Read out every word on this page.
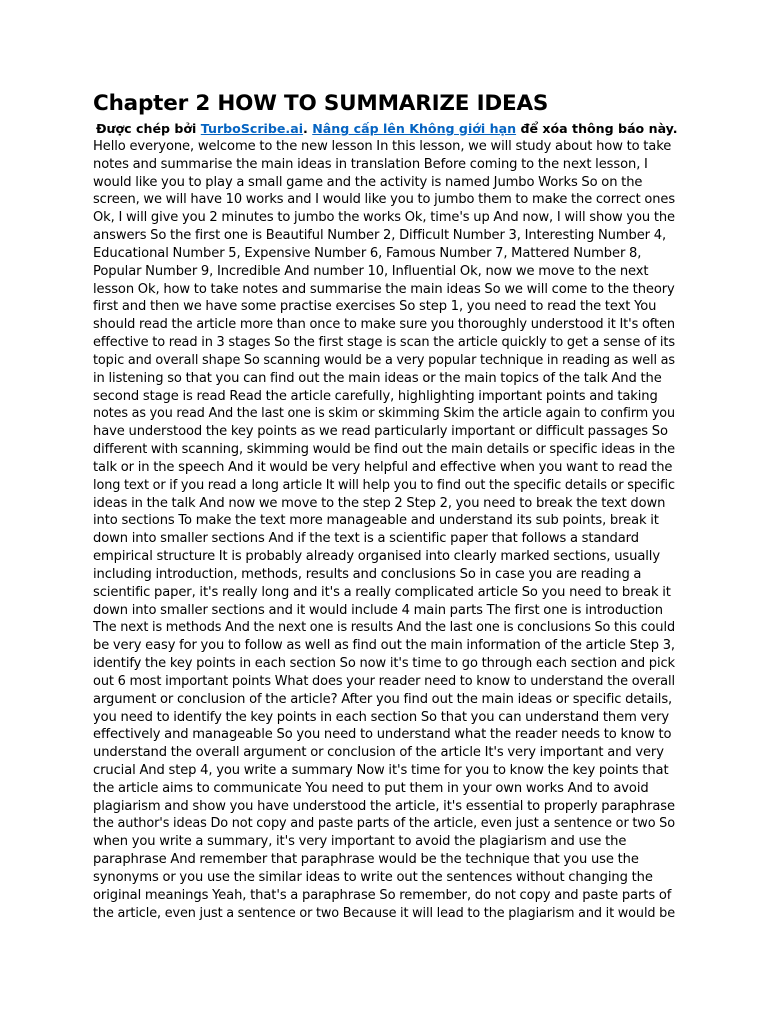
Chapter 2 HOW TO SUMMARIZE IDEAS

Được chép bởi TurboScribe.ai. Nâng cấp lên Không giới hạn để xóa thông báo này.

Hello everyone, welcome to the new lesson In this lesson, we will study about how to take
notes and summarise the main ideas in translation Before coming to the next lesson, I
would like you to play a small game and the activity is named Jumbo Works So on the
screen, we will have 10 works and I would like you to jumbo them to make the correct ones
Ok, I will give you 2 minutes to jumbo the works Ok, time's up And now, I will show you the
answers So the first one is Beautiful Number 2, Difficult Number 3, Interesting Number 4,
Educational Number 5, Expensive Number 6, Famous Number 7, Mattered Number 8,
Popular Number 9, Incredible And number 10, Influential Ok, now we move to the next
lesson Ok, how to take notes and summarise the main ideas So we will come to the theory
first and then we have some practise exercises So step 1, you need to read the text You
should read the article more than once to make sure you thoroughly understood it It's often
effective to read in 3 stages So the first stage is scan the article quickly to get a sense of its
topic and overall shape So scanning would be a very popular technique in reading as well as
in listening so that you can find out the main ideas or the main topics of the talk And the
second stage is read Read the article carefully, highlighting important points and taking
notes as you read And the last one is skim or skimming Skim the article again to confirm you
have understood the key points as we read particularly important or difficult passages So
different with scanning, skimming would be find out the main details or specific ideas in the
talk or in the speech And it would be very helpful and effective when you want to read the
long text or if you read a long article It will help you to find out the specific details or specific
ideas in the talk And now we move to the step 2 Step 2, you need to break the text down
into sections To make the text more manageable and understand its sub points, break it
down into smaller sections And if the text is a scientific paper that follows a standard
empirical structure It is probably already organised into clearly marked sections, usually
including introduction, methods, results and conclusions So in case you are reading a
scientific paper, it's really long and it's a really complicated article So you need to break it
down into smaller sections and it would include 4 main parts The first one is introduction
The next is methods And the next one is results And the last one is conclusions So this could
be very easy for you to follow as well as find out the main information of the article Step 3,
identify the key points in each section So now it's time to go through each section and pick
out 6 most important points What does your reader need to know to understand the overall
argument or conclusion of the article? After you find out the main ideas or specific details,
you need to identify the key points in each section So that you can understand them very
effectively and manageable So you need to understand what the reader needs to know to
understand the overall argument or conclusion of the article It's very important and very
crucial And step 4, you write a summary Now it's time for you to know the key points that
the article aims to communicate You need to put them in your own works And to avoid
plagiarism and show you have understood the article, it's essential to properly paraphrase
the author's ideas Do not copy and paste parts of the article, even just a sentence or two So
when you write a summary, it's very important to avoid the plagiarism and use the
paraphrase And remember that paraphrase would be the technique that you use the
synonyms or you use the similar ideas to write out the sentences without changing the
original meanings Yeah, that's a paraphrase So remember, do not copy and paste parts of
the article, even just a sentence or two Because it will lead to the plagiarism and it would be
